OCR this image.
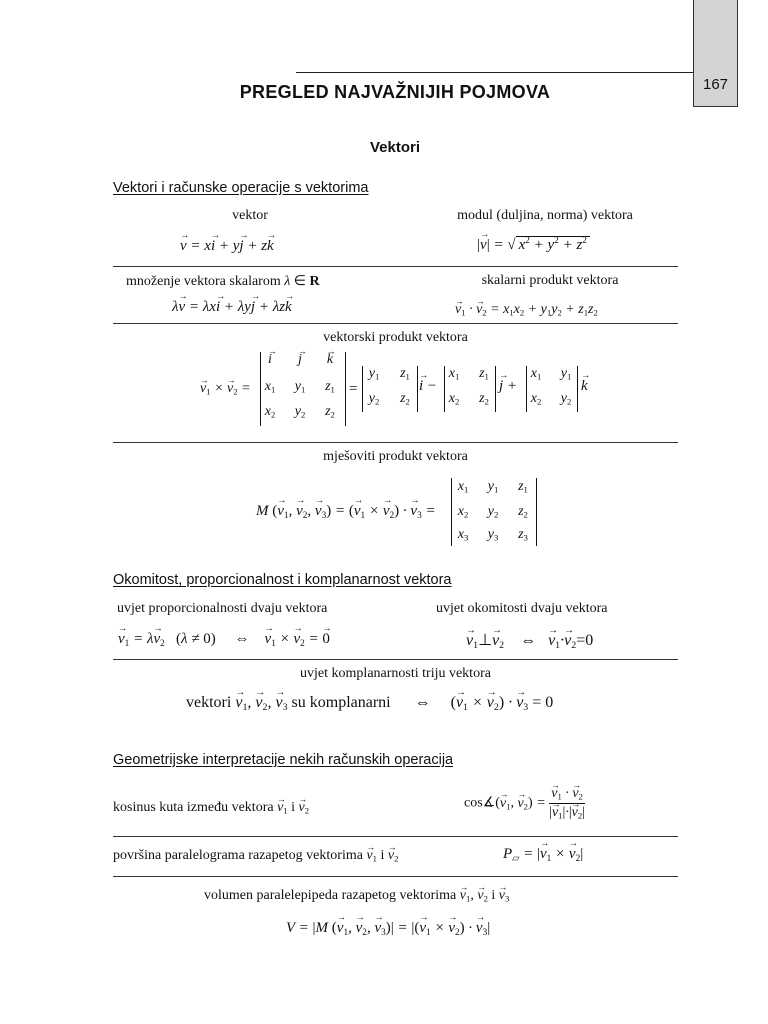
167
PREGLED NAJVAŽNIJIH POJMOVA
Vektori
Vektori i računske operacije s vektorima
vektor	modul (duljina, norma) vektora
→ v = x→ i + y→ j + z→ k	|→ v| = √ $x^2 + y^2 + z^2$
množenje vektora skalarom λ ∈ R	skalarni produkt vektora
λ→ v = λx→ i + λy→ j + λz→ k	→ $v_1$ · → $v_2 = x_1x_2 + y_1y_2 + z_1z_2$
vektorski produkt vektora
→ $v_1$ × → $v_2$ =
→ i	→ j	→ k
$x_1$	$y_1$	$z_1$
$x_2$	$y_2$	$z_2$
=
$y_1$	$z_1$
$y_2$	$z_2$
→ i −
$x_1$	$z_1$
$x_2$	$z_2$
→ j +
$x_1$	$y_1$
$x_2$	$y_2$
→ k
mješoviti produkt vektora
M (→ $v_1$, → $v_2$, → $v_3$) = (→ $v_1$ × → $v_2$) · → $v_3$ =
$x_1$	$y_1$	$z_1$
$x_2$	$y_2$	$z_2$
$x_3$	$y_3$	$z_3$
Okomitost, proporcionalnost i komplanarnost vektora
uvjet proporcionalnosti dvaju vektora	uvjet okomitosti dvaju vektora
→ $v_1 = \lambda\to v_2$ (λ ≠ 0) ⇔ → $v_1$ × → $v_2$ = → 0	→ $v_1\perp\to v_2$ ⇔ → $v_1\cdot\to v_2=0$
uvjet komplanarnosti triju vektora
vektori → $v_1$, → $v_2$, → $v_3$ su komplanarni ⇔ (→ $v_1$ × → $v_2$) · → $v_3 = 0$
Geometrijske interpretacije nekih računskih operacija
kosinus kuta između vektora → $v_1$ $i \to v_2$	cos∡(→ $v_1$, → $v_2$) = → $\frac{v_1 \cdot \to v_2}{|\to v_1|\cdot|\to v_2|}$
površina paralelograma razapetog vektorima → $v_1$ $i \to v_2$	$P_▱$ = |→ $v_1$ × → $v_2|$
volumen paralelepipeda razapetog vektorima → $v_1$, → $v_2$ $i \to v_3$
V = |M (→ $v_1$, → $v_2$, → $v_3)|$ = |(→ $v_1$ × → $v_2$) · → $v_3|$
